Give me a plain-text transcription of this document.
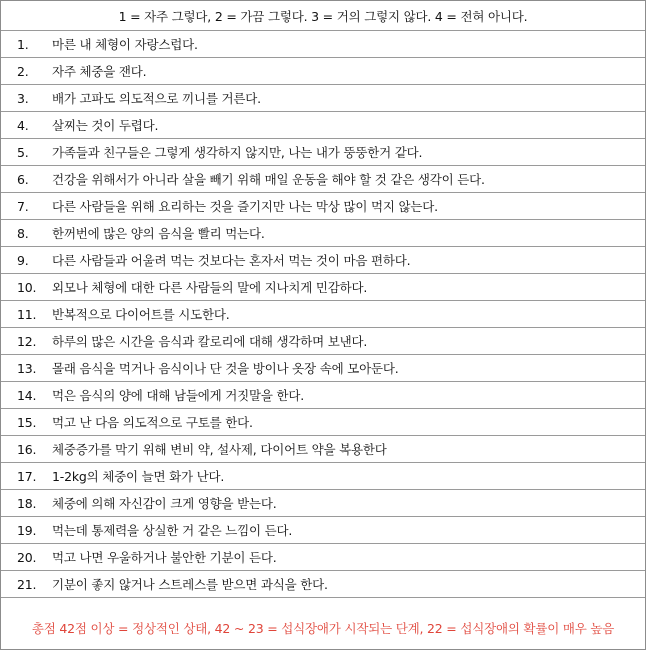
1 = 자주 그렇다, 2 = 가끔 그렇다. 3 = 거의 그렇지 않다. 4 = 전혀 아니다.
1.	마른 내 체형이 자랑스럽다.
2.	자주 체중을 잰다.
3.	배가 고파도 의도적으로 끼니를 거른다.
4.	살찌는 것이 두렵다.
5.	가족들과 친구들은 그렇게 생각하지 않지만, 나는 내가 뚱뚱한거 같다.
6.	건강을 위해서가 아니라 살을 빼기 위해 매일 운동을 해야 할 것 같은 생각이 든다.
7.	다른 사람들을 위해 요리하는 것을 즐기지만 나는 막상 많이 먹지 않는다.
8.	한꺼번에 많은 양의 음식을 빨리 먹는다.
9.	다른 사람들과 어울려 먹는 것보다는 혼자서 먹는 것이 마음 편하다.
10.	외모나 체형에 대한 다른 사람들의 말에 지나치게 민감하다.
11.	반복적으로 다이어트를 시도한다.
12.	하루의 많은 시간을 음식과 칼로리에 대해 생각하며 보낸다.
13.	몰래 음식을 먹거나 음식이나 단 것을 방이나 옷장 속에 모아둔다.
14.	먹은 음식의 양에 대해 남들에게 거짓말을 한다.
15.	먹고 난 다음 의도적으로 구토를 한다.
16.	체중증가를 막기 위해 변비 약, 설사제, 다이어트 약을 복용한다
17.	1-2kg의 체중이 늘면 화가 난다.
18.	체중에 의해 자신감이 크게 영향을 받는다.
19.	먹는데 통제력을 상실한 거 같은 느낌이 든다.
20.	먹고 나면 우울하거나 불안한 기분이 든다.
21.	기분이 좋지 않거나 스트레스를 받으면 과식을 한다.
총점 42점 이상 = 정상적인 상태, 42 ~ 23 = 섭식장애가 시작되는 단계, 22 = 섭식장애의 확률이 매우 높음
